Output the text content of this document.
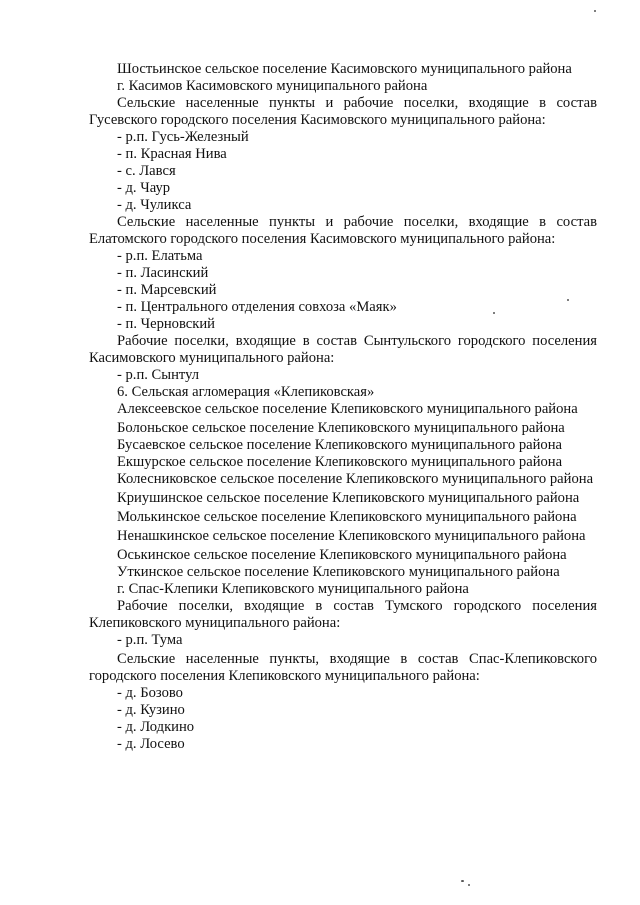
Шостьинское сельское поселение Касимовского муниципального района

г. Касимов Касимовского муниципального района

Сельские населенные пункты и рабочие поселки, входящие в состав Гусевского городского поселения Касимовского муниципального района:

- р.п. Гусь-Железный

- п. Красная Нива

- с. Лався

- д. Чаур

- д. Чуликса

Сельские населенные пункты и рабочие поселки, входящие в состав Елатомского городского поселения Касимовского муниципального района:

- р.п. Елатьма

- п. Ласинский

- п. Марсевский

- п. Центрального отделения совхоза «Маяк»

- п. Черновский

Рабочие поселки, входящие в состав Сынтульского городского поселения Касимовского муниципального района:

- р.п. Сынтул

6. Сельская агломерация «Клепиковская»

Алексеевское сельское поселение Клепиковского муниципального района

Болоньское сельское поселение Клепиковского муниципального района

Бусаевское сельское поселение Клепиковского муниципального района

Екшурское сельское поселение Клепиковского муниципального района

Колесниковское сельское поселение Клепиковского муниципального района

Криушинское сельское поселение Клепиковского муниципального района

Молькинское сельское поселение Клепиковского муниципального района

Ненашкинское сельское поселение Клепиковского муниципального района

Оськинское сельское поселение Клепиковского муниципального района

Уткинское сельское поселение Клепиковского муниципального района

г. Спас-Клепики Клепиковского муниципального района

Рабочие поселки, входящие в состав Тумского городского поселения Клепиковского муниципального района:

- р.п. Тума

Сельские населенные пункты, входящие в состав Спас-Клепиковского городского поселения Клепиковского муниципального района:

- д. Бозово

- д. Кузино

- д. Лодкино

- д. Лосево
